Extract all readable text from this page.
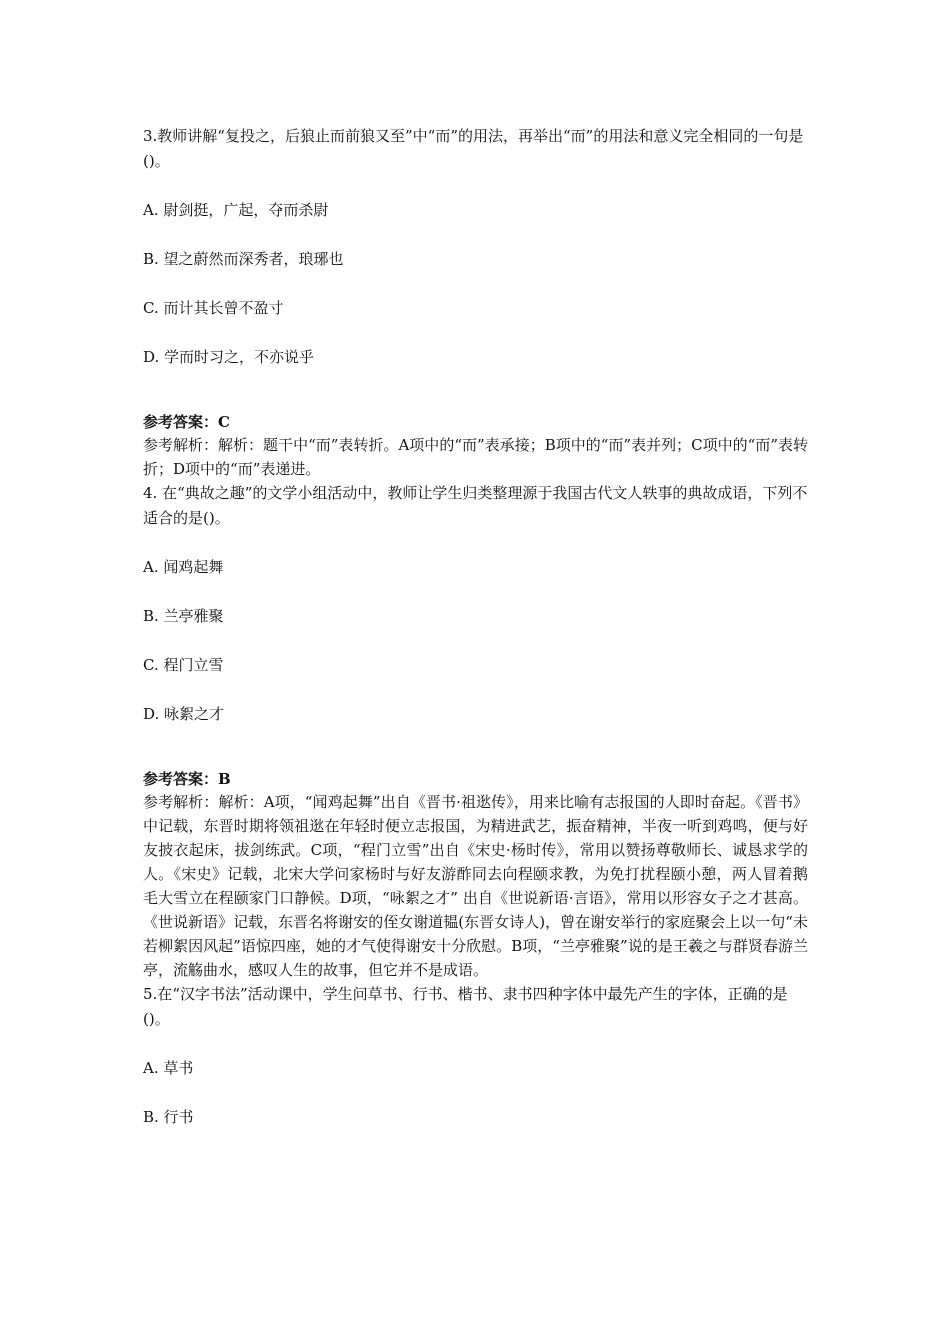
3.教师讲解“复投之，后狼止而前狼又至”中“而”的用法，再举出“而”的用法和意义完全相同的一句是()。

A. 尉剑挺，广起，夺而杀尉

B. 望之蔚然而深秀者，琅琊也

C. 而计其长曾不盈寸

D. 学而时习之，不亦说乎

参考答案：C

参考解析：解析：题干中“而”表转折。A项中的“而”表承接；B项中的“而”表并列；C项中的“而”表转折；D项中的“而”表递进。

4. 在“典故之趣”的文学小组活动中，教师让学生归类整理源于我国古代文人轶事的典故成语，下列不适合的是()。

A. 闻鸡起舞

B. 兰亭雅聚

C. 程门立雪

D. 咏絮之才

参考答案：B

参考解析：解析：A项，“闻鸡起舞”出自《晋书·祖逖传》，用来比喻有志报国的人即时奋起。《晋书》中记载，东晋时期将领祖逖在年轻时便立志报国，为精进武艺，振奋精神，半夜一听到鸡鸣，便与好友披衣起床，拔剑练武。C项，“程门立雪”出自《宋史·杨时传》，常用以赞扬尊敬师长、诚恳求学的人。《宋史》记载，北宋大学问家杨时与好友游酢同去向程颐求教，为免打扰程颐小憩，两人冒着鹅毛大雪立在程颐家门口静候。D项，“咏絮之才” 出自《世说新语·言语》，常用以形容女子之才甚高。《世说新语》记载，东晋名将谢安的侄女谢道韫(东晋女诗人)，曾在谢安举行的家庭聚会上以一句“未若柳絮因风起”语惊四座，她的才气使得谢安十分欣慰。B项，“兰亭雅聚”说的是王羲之与群贤春游兰亭，流觞曲水，感叹人生的故事，但它并不是成语。

5.在“汉字书法”活动课中，学生问草书、行书、楷书、隶书四种字体中最先产生的字体，正确的是()。

A. 草书

B. 行书
